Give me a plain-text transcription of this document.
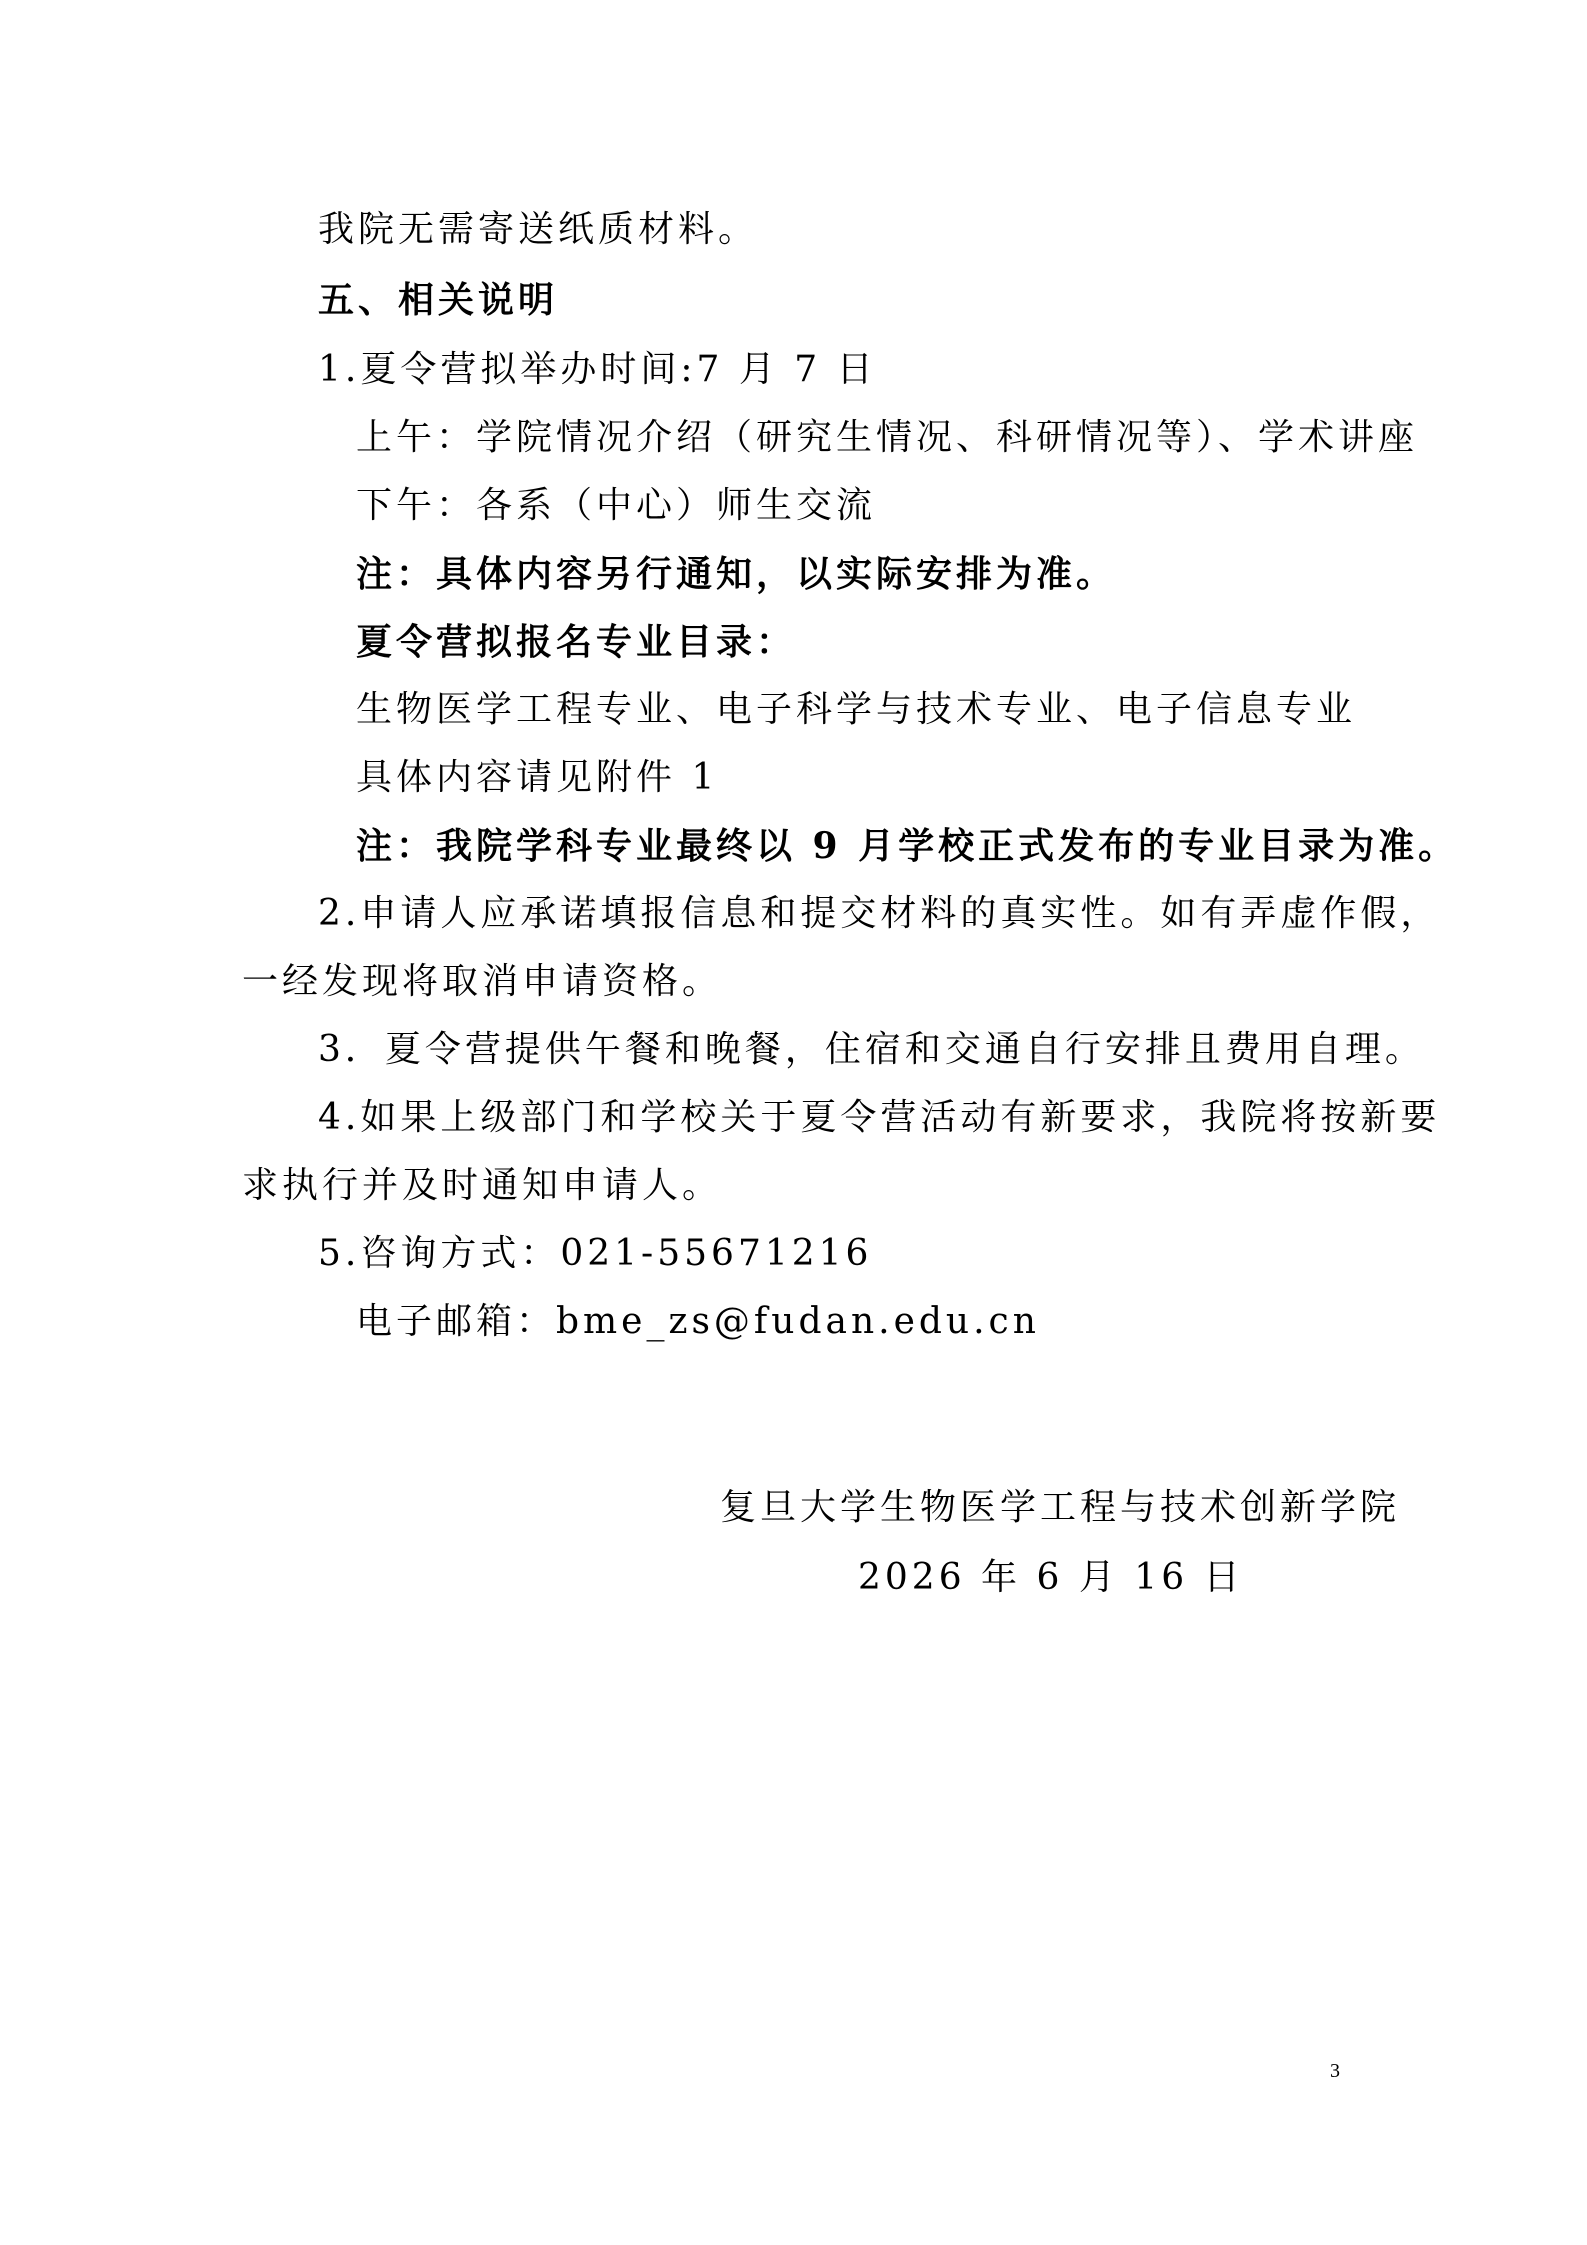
我院无需寄送纸质材料。
五、相关说明
1.夏令营拟举办时间:7 月 7 日
上午：学院情况介绍（研究生情况、科研情况等）、学术讲座
下午：各系（中心）师生交流
注：具体内容另行通知，以实际安排为准。
夏令营拟报名专业目录：
生物医学工程专业、电子科学与技术专业、电子信息专业
具体内容请见附件 1
注：我院学科专业最终以 9 月学校正式发布的专业目录为准。
2.申请人应承诺填报信息和提交材料的真实性。如有弄虚作假，
一经发现将取消申请资格。
3．夏令营提供午餐和晚餐，住宿和交通自行安排且费用自理。
4.如果上级部门和学校关于夏令营活动有新要求，我院将按新要
求执行并及时通知申请人。
5.咨询方式：021-55671216
电子邮箱：bme_zs@fudan.edu.cn
复旦大学生物医学工程与技术创新学院
2026 年 6 月 16 日
3
